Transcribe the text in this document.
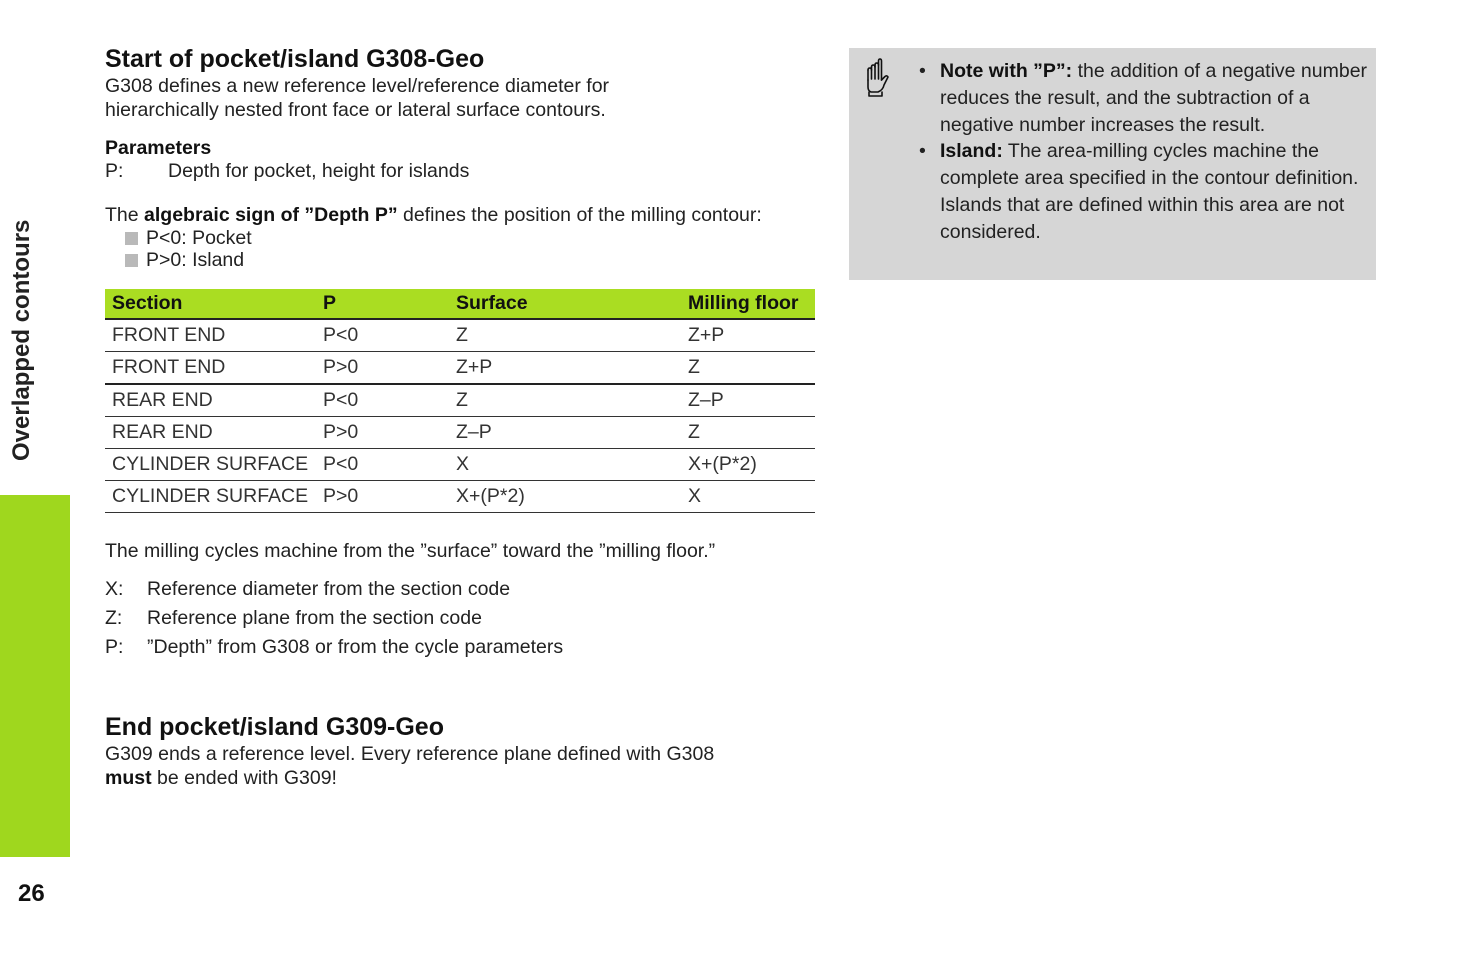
Overlapped contours
26
Start of pocket/island G308-Geo

G308 defines a new reference level/reference diameter for hierarchically nested front face or lateral surface contours.

Parameters
P:	Depth for pocket, height for islands

The algebraic sign of ”Depth P” defines the position of the milling contour:

P<0: Pocket
P>0: Island
Section	P	Surface	Milling floor
FRONT END	P<0	Z	Z+P
FRONT END	P>0	Z+P	Z
REAR END	P<0	Z	Z–P
REAR END	P>0	Z–P	Z
CYLINDER SURFACE	P<0	X	X+(P*2)
CYLINDER SURFACE	P>0	X+(P*2)	X

The milling cycles machine from the ”surface” toward the ”milling floor.”

X:	Reference diameter from the section code
Z:	Reference plane from the section code
P:	”Depth” from G308 or from the cycle parameters
End pocket/island G309-Geo

G309 ends a reference level. Every reference plane defined with G308
must be ended with G309!

• Note with ”P”: the addition of a negative number reduces the result, and the subtraction of a negative number increases the result.
• Island: The area-milling cycles machine the complete area specified in the contour definition. Islands that are defined within this area are not considered.
